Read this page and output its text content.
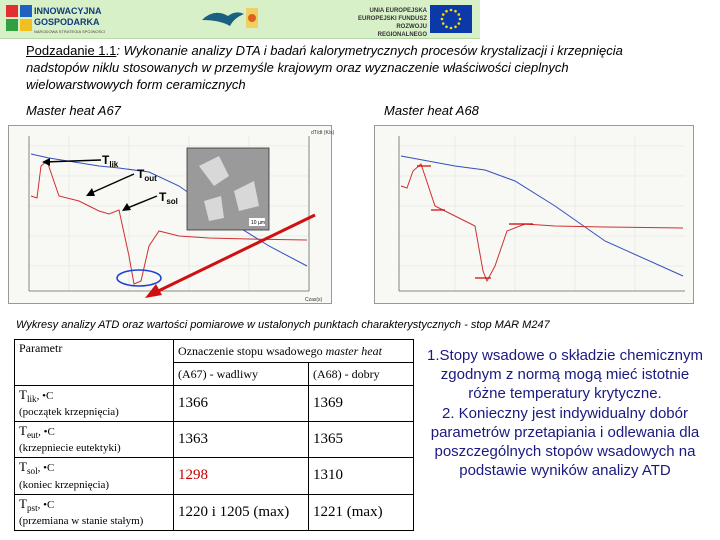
INNOWACYJNA
GOSPODARKA
NARODOWA STRATEGIA SPÓJNOŚCI
UNIA EUROPEJSKA
EUROPEJSKI FUNDUSZ
ROZWOJU REGIONALNEGO
Podzadanie 1.1: Wykonanie analizy DTA i badań kalorymetrycznych procesów krystalizacji i krzepnięcia nadstopów niklu stosowanych w przemyśle krajowym oraz wyznaczenie właściwości cieplnych wielowarstwowych form ceramicznych
Master heat A67	Master heat A68
dT/dt (K/s)
Czas(s)
10 µm
$T_{lik}$
$T_{out}$
$T_{sol}$
Wykresy analizy ATD oraz wartości pomiarowe w ustalonych punktach charakterystycznych - stop MAR M247
Parametr	Oznaczenie stopu wsadowego master heat	
	(A67) - wadliwy	(A68) - dobry
$T_{lik}$, •C
(początek krzepnięcia)	1366	1369
$T_{eut}$, •C
(krzepniecie eutektyki)	1363	1365
$T_{sol}$, •C
(koniec krzepnięcia)	1298	1310
$T_{pst}$, •C
(przemiana w stanie stałym)	1220 i 1205 (max)	1221 (max)
1.Stopy wsadowe o składzie chemicznym zgodnym z normą mogą mieć istotnie różne temperatury krytyczne.
2. Konieczny jest indywidualny dobór parametrów przetapiania i odlewania dla poszczególnych stopów wsadowych na podstawie wyników analizy ATD
